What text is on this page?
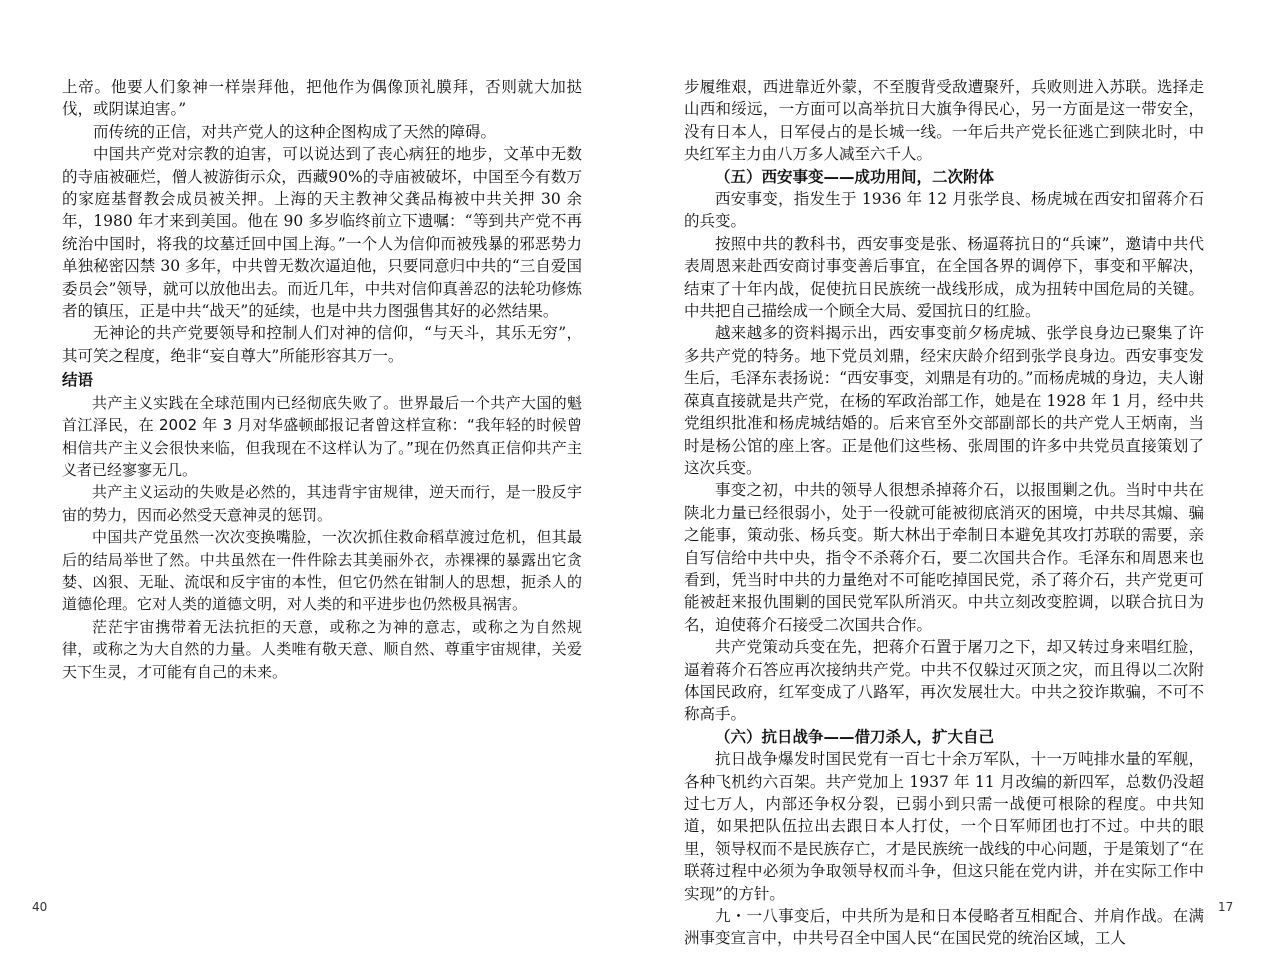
上帝。他要人们象神一样崇拜他，把他作为偶像顶礼膜拜，否则就大加挞伐，或阴谋迫害。”

而传统的正信，对共产党人的这种企图构成了天然的障碍。

中国共产党对宗教的迫害，可以说达到了丧心病狂的地步，文革中无数的寺庙被砸烂，僧人被游街示众，西藏90%的寺庙被破坏，中国至今有数万的家庭基督教会成员被关押。上海的天主教神父龚品梅被中共关押 30 余年，1980 年才来到美国。他在 90 多岁临终前立下遗嘱：“等到共产党不再统治中国时，将我的坟墓迁回中国上海。”一个人为信仰而被残暴的邪恶势力单独秘密囚禁 30 多年，中共曾无数次逼迫他，只要同意归中共的“三自爱国委员会”领导，就可以放他出去。而近几年，中共对信仰真善忍的法轮功修炼者的镇压，正是中共“战天”的延续，也是中共力图强售其好的必然结果。

无神论的共产党要领导和控制人们对神的信仰，“与天斗，其乐无穷”，其可笑之程度，绝非“妄自尊大”所能形容其万一。

结语

共产主义实践在全球范围内已经彻底失败了。世界最后一个共产大国的魁首江泽民，在 2002 年 3 月对华盛顿邮报记者曾这样宣称：“我年轻的时候曾相信共产主义会很快来临，但我现在不这样认为了。”现在仍然真正信仰共产主义者已经寥寥无几。

共产主义运动的失败是必然的，其违背宇宙规律，逆天而行，是一股反宇宙的势力，因而必然受天意神灵的惩罚。

中国共产党虽然一次次变换嘴脸，一次次抓住救命稻草渡过危机，但其最后的结局举世了然。中共虽然在一件件除去其美丽外衣，赤裸裸的暴露出它贪婪、凶狠、无耻、流氓和反宇宙的本性，但它仍然在钳制人的思想，扼杀人的道德伦理。它对人类的道德文明，对人类的和平进步也仍然极具祸害。

茫茫宇宙携带着无法抗拒的天意，或称之为神的意志，或称之为自然规律，或称之为大自然的力量。人类唯有敬天意、顺自然、尊重宇宙规律，关爱天下生灵，才可能有自己的未来。

40

步履维艰，西进靠近外蒙，不至腹背受敌遭聚歼，兵败则进入苏联。选择走山西和绥远，一方面可以高举抗日大旗争得民心，另一方面是这一带安全，没有日本人，日军侵占的是长城一线。一年后共产党长征逃亡到陕北时，中央红军主力由八万多人减至六千人。

（五）西安事变——成功用间，二次附体

西安事变，指发生于 1936 年 12 月张学良、杨虎城在西安扣留蒋介石的兵变。

按照中共的教科书，西安事变是张、杨逼蒋抗日的“兵谏”，邀请中共代表周恩来赴西安商讨事变善后事宜，在全国各界的调停下，事变和平解决，结束了十年内战，促使抗日民族统一战线形成，成为扭转中国危局的关键。中共把自己描绘成一个顾全大局、爱国抗日的红脸。

越来越多的资料揭示出，西安事变前夕杨虎城、张学良身边已聚集了许多共产党的特务。地下党员刘鼎，经宋庆龄介绍到张学良身边。西安事变发生后，毛泽东表扬说：“西安事变，刘鼎是有功的。”而杨虎城的身边，夫人谢葆真直接就是共产党，在杨的军政治部工作，她是在 1928 年 1 月，经中共党组织批准和杨虎城结婚的。后来官至外交部副部长的共产党人王炳南，当时是杨公馆的座上客。正是他们这些杨、张周围的许多中共党员直接策划了这次兵变。

事变之初，中共的领导人很想杀掉蒋介石，以报围剿之仇。当时中共在陕北力量已经很弱小，处于一役就可能被彻底消灭的困境，中共尽其煽、骗之能事，策动张、杨兵变。斯大林出于牵制日本避免其攻打苏联的需要，亲自写信给中共中央，指令不杀蒋介石，要二次国共合作。毛泽东和周恩来也看到，凭当时中共的力量绝对不可能吃掉国民党，杀了蒋介石，共产党更可能被赶来报仇围剿的国民党军队所消灭。中共立刻改变腔调，以联合抗日为名，迫使蒋介石接受二次国共合作。

共产党策动兵变在先，把蒋介石置于屠刀之下，却又转过身来唱红脸，逼着蒋介石答应再次接纳共产党。中共不仅躲过灭顶之灾，而且得以二次附体国民政府，红军变成了八路军，再次发展壮大。中共之狡诈欺骗，不可不称高手。

（六）抗日战争——借刀杀人，扩大自己

抗日战争爆发时国民党有一百七十余万军队，十一万吨排水量的军舰，各种飞机约六百架。共产党加上 1937 年 11 月改编的新四军，总数仍没超过七万人，内部还争权分裂，已弱小到只需一战便可根除的程度。中共知道，如果把队伍拉出去跟日本人打仗，一个日军师团也打不过。中共的眼里，领导权而不是民族存亡，才是民族统一战线的中心问题，于是策划了“在联蒋过程中必须为争取领导权而斗争，但这只能在党内讲，并在实际工作中实现”的方针。

九・一八事变后，中共所为是和日本侵略者互相配合、并肩作战。在满洲事变宣言中，中共号召全中国人民“在国民党的统治区域，工人

17
